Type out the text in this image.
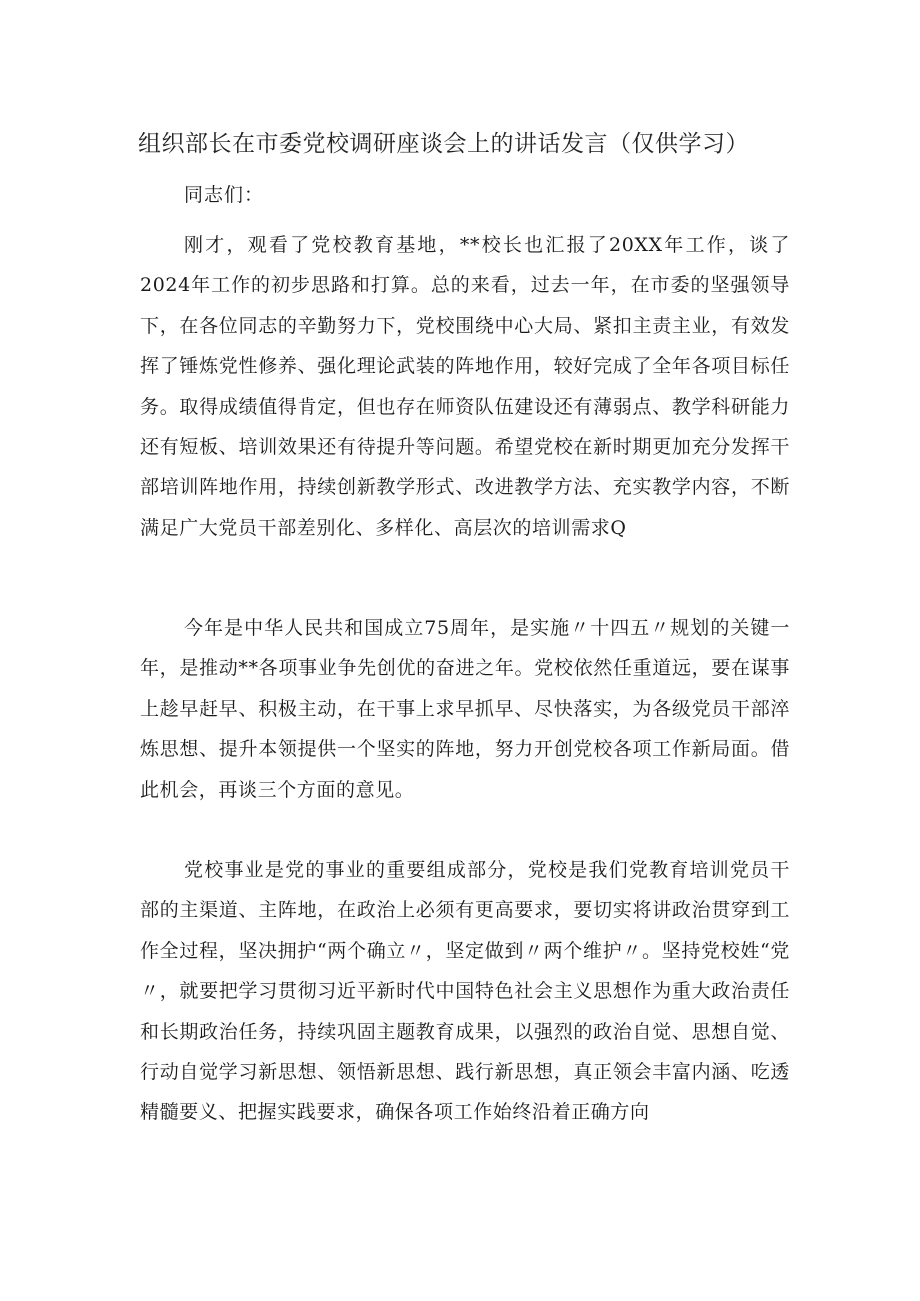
组织部长在市委党校调研座谈会上的讲话发言（仅供学习）
同志们：

刚才，观看了党校教育基地，**校长也汇报了20XX年工作，谈了2024年工作的初步思路和打算。总的来看，过去一年，在市委的坚强领导下，在各位同志的辛勤努力下，党校围绕中心大局、紧扣主责主业，有效发挥了锤炼党性修养、强化理论武装的阵地作用，较好完成了全年各项目标任务。取得成绩值得肯定，但也存在师资队伍建设还有薄弱点、教学科研能力还有短板、培训效果还有待提升等问题。希望党校在新时期更加充分发挥干部培训阵地作用，持续创新教学形式、改进教学方法、充实教学内容，不断满足广大党员干部差别化、多样化、高层次的培训需求Q

今年是中华人民共和国成立75周年，是实施〃十四五〃规划的关键一年，是推动**各项事业争先创优的奋进之年。党校依然任重道远，要在谋事上趁早赶早、积极主动，在干事上求早抓早、尽快落实，为各级党员干部淬炼思想、提升本领提供一个坚实的阵地，努力开创党校各项工作新局面。借此机会，再谈三个方面的意见。

党校事业是党的事业的重要组成部分，党校是我们党教育培训党员干部的主渠道、主阵地，在政治上必须有更高要求，要切实将讲政治贯穿到工作全过程，坚决拥护“两个确立〃，坚定做到〃两个维护〃。坚持党校姓“党〃，就要把学习贯彻习近平新时代中国特色社会主义思想作为重大政治责任和长期政治任务，持续巩固主题教育成果，以强烈的政治自觉、思想自觉、行动自觉学习新思想、领悟新思想、践行新思想，真正领会丰富内涵、吃透精髓要义、把握实践要求，确保各项工作始终沿着正确方向
